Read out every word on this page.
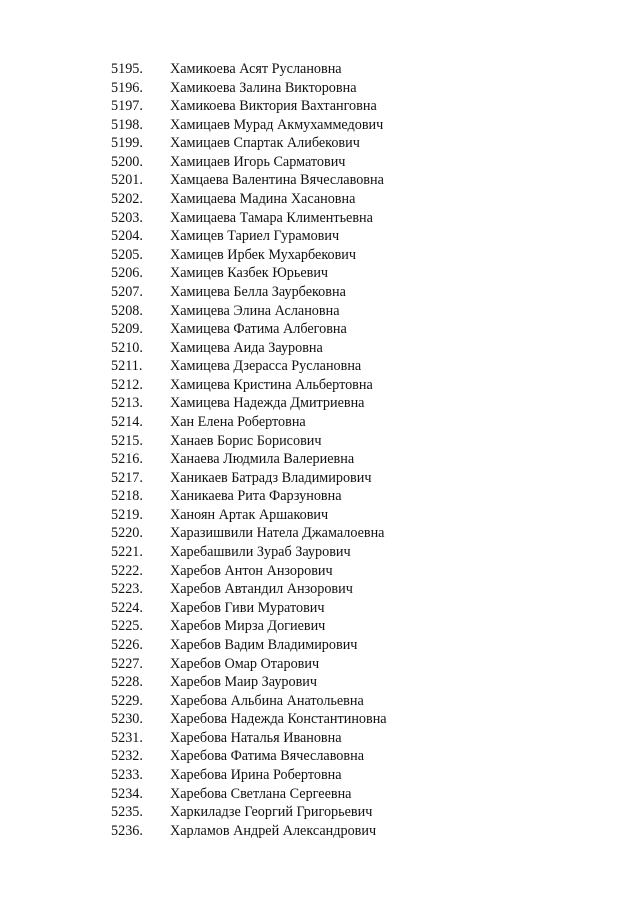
5195. Хамикоева Асят Руслановна
5196. Хамикоева Залина Викторовна
5197. Хамикоева Виктория Вахтанговна
5198. Хамицаев Мурад Акмухаммедович
5199. Хамицаев Спартак Алибекович
5200. Хамицаев Игорь Сарматович
5201. Хамцаева Валентина Вячеславовна
5202. Хамицаева Мадина Хасановна
5203. Хамицаева Тамара Климентьевна
5204. Хамицев Тариел Гурамович
5205. Хамицев Ирбек Мухарбекович
5206. Хамицев Казбек Юрьевич
5207. Хамицева Белла Заурбековна
5208. Хамицева Элина Аслановна
5209. Хамицева Фатима Албеговна
5210. Хамицева Аида Зауровна
5211. Хамицева Дзерасса Руслановна
5212. Хамицева Кристина Альбертовна
5213. Хамицева Надежда Дмитриевна
5214. Хан Елена Робертовна
5215. Ханаев Борис Борисович
5216. Ханаева Людмила Валериевна
5217. Ханикаев Батрадз Владимирович
5218. Ханикаева Рита Фарзуновна
5219. Ханоян Артак Аршакович
5220. Харазишвили Натела Джамалоевна
5221. Харебашвили Зураб Заурович
5222. Харебов Антон Анзорович
5223. Харебов Автандил Анзорович
5224. Харебов Гиви Муратович
5225. Харебов Мирза Догиевич
5226. Харебов Вадим Владимирович
5227. Харебов Омар Отарович
5228. Харебов Маир Заурович
5229. Харебова Альбина Анатольевна
5230. Харебова Надежда Константиновна
5231. Харебова Наталья Ивановна
5232. Харебова Фатима Вячеславовна
5233. Харебова Ирина Робертовна
5234. Харебова Светлана Сергеевна
5235. Харкиладзе Георгий Григорьевич
5236. Харламов Андрей Александрович
